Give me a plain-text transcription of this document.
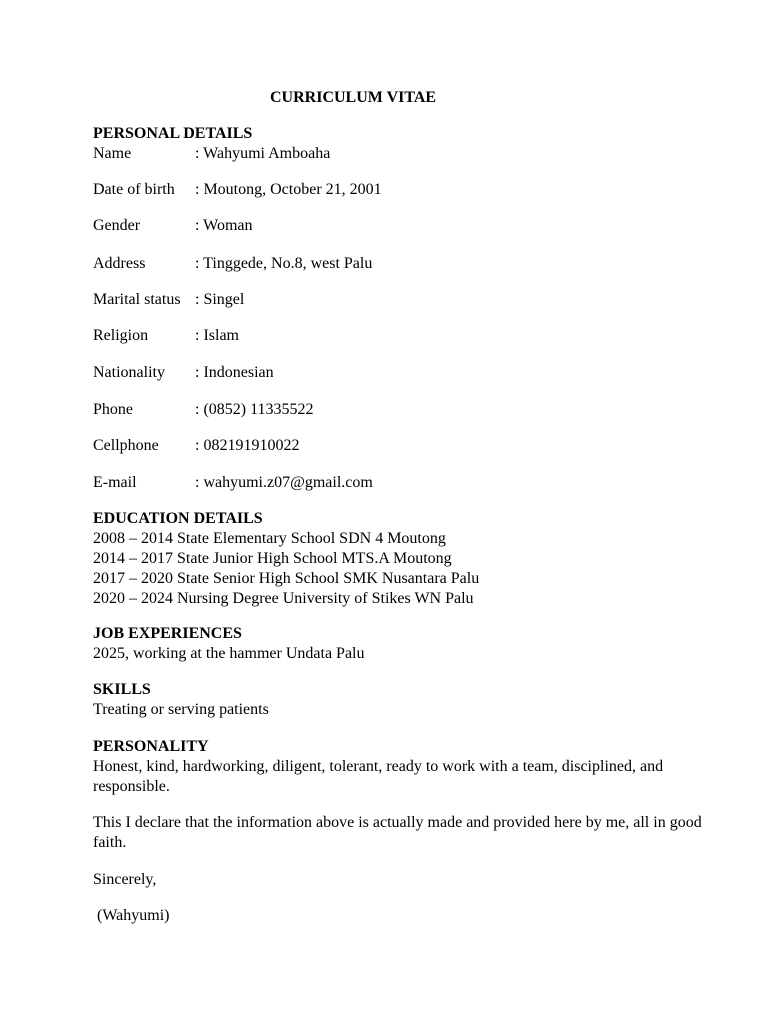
CURRICULUM VITAE
PERSONAL DETAILS
Name	: Wahyumi Amboaha
Date of birth	: Moutong, October 21, 2001
Gender	: Woman
Address	: Tinggede, No.8, west Palu
Marital status : Singel
Religion	: Islam
Nationality	: Indonesian
Phone	: (0852) 11335522
Cellphone	: 082191910022
E-mail	: wahyumi.z07@gmail.com
EDUCATION DETAILS

2008 – 2014 State Elementary School SDN 4 Moutong

2014 – 2017 State Junior High School MTS.A Moutong

2017 – 2020 State Senior High School SMK Nusantara Palu

2020 – 2024 Nursing Degree University of Stikes WN Palu

JOB EXPERIENCES

2025, working at the hammer Undata Palu

SKILLS

Treating or serving patients

PERSONALITY

Honest, kind, hardworking, diligent, tolerant, ready to work with a team, disciplined, and responsible.

This I declare that the information above is actually made and provided here by me, all in good faith.

Sincerely,

(Wahyumi)
